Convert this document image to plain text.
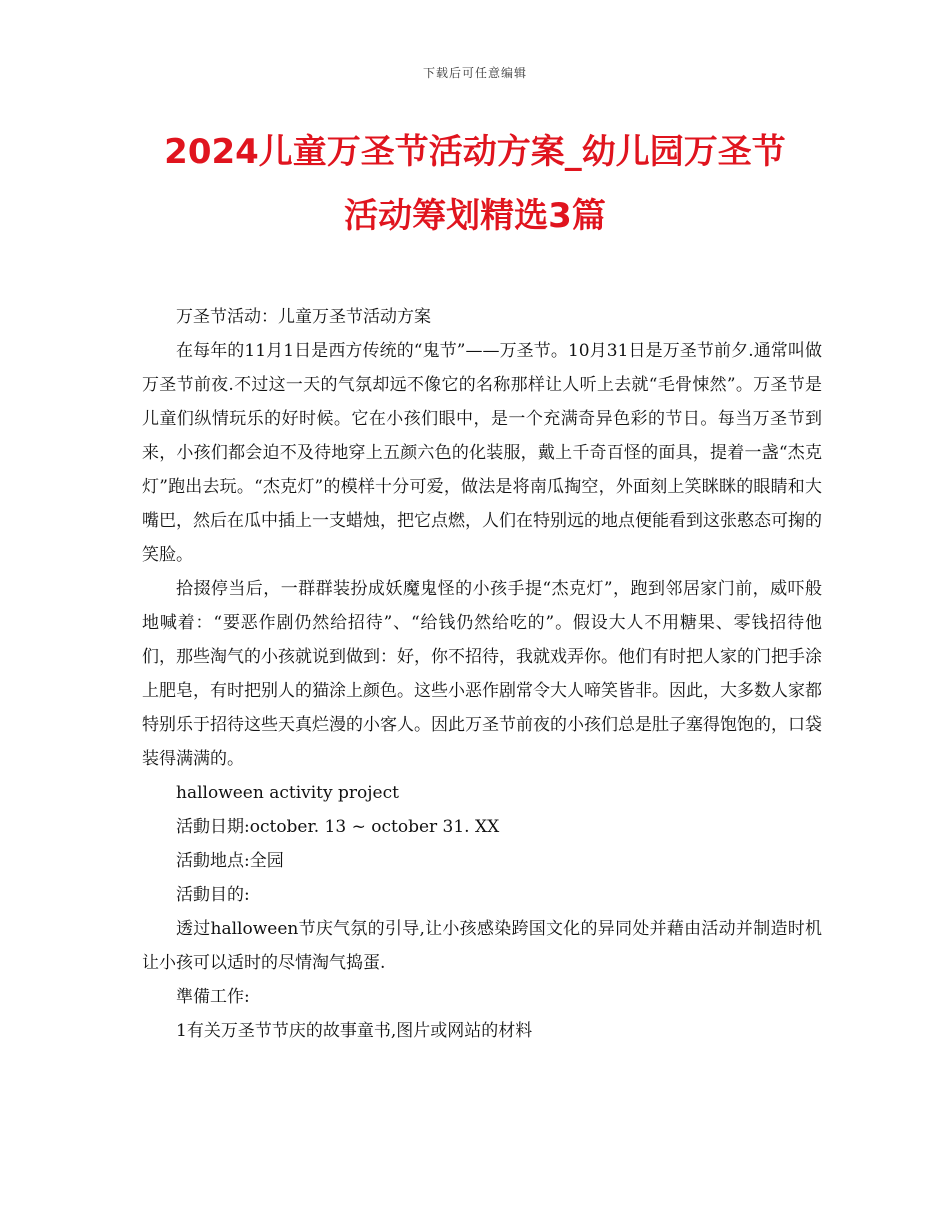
下载后可任意编辑
2024儿童万圣节活动方案_幼儿园万圣节
活动筹划精选3篇

万圣节活动：儿童万圣节活动方案

在每年的11月1日是西方传统的“鬼节”——万圣节。10月31日是万圣节前夕.通常叫做万圣节前夜.不过这一天的气氛却远不像它的名称那样让人听上去就“毛骨悚然”。万圣节是儿童们纵情玩乐的好时候。它在小孩们眼中，是一个充满奇异色彩的节日。每当万圣节到来，小孩们都会迫不及待地穿上五颜六色的化装服，戴上千奇百怪的面具，提着一盏“杰克灯”跑出去玩。“杰克灯”的模样十分可爱，做法是将南瓜掏空，外面刻上笑眯眯的眼睛和大嘴巴，然后在瓜中插上一支蜡烛，把它点燃，人们在特别远的地点便能看到这张憨态可掬的笑脸。

拾掇停当后，一群群装扮成妖魔鬼怪的小孩手提“杰克灯”，跑到邻居家门前，威吓般地喊着：“要恶作剧仍然给招待”、“给钱仍然给吃的”。假设大人不用糖果、零钱招待他们，那些淘气的小孩就说到做到：好，你不招待，我就戏弄你。他们有时把人家的门把手涂上肥皂，有时把别人的猫涂上颜色。这些小恶作剧常令大人啼笑皆非。因此，大多数人家都特别乐于招待这些天真烂漫的小客人。因此万圣节前夜的小孩们总是肚子塞得饱饱的，口袋装得满满的。

halloween activity project

活動日期:october. 13 ~ october 31. XX

活動地点:全园

活動目的:

透过halloween节庆气氛的引导,让小孩感染跨国文化的异同处并藉由活动并制造时机让小孩可以适时的尽情淘气捣蛋.

準備工作:

1有关万圣节节庆的故事童书,图片或网站的材料
